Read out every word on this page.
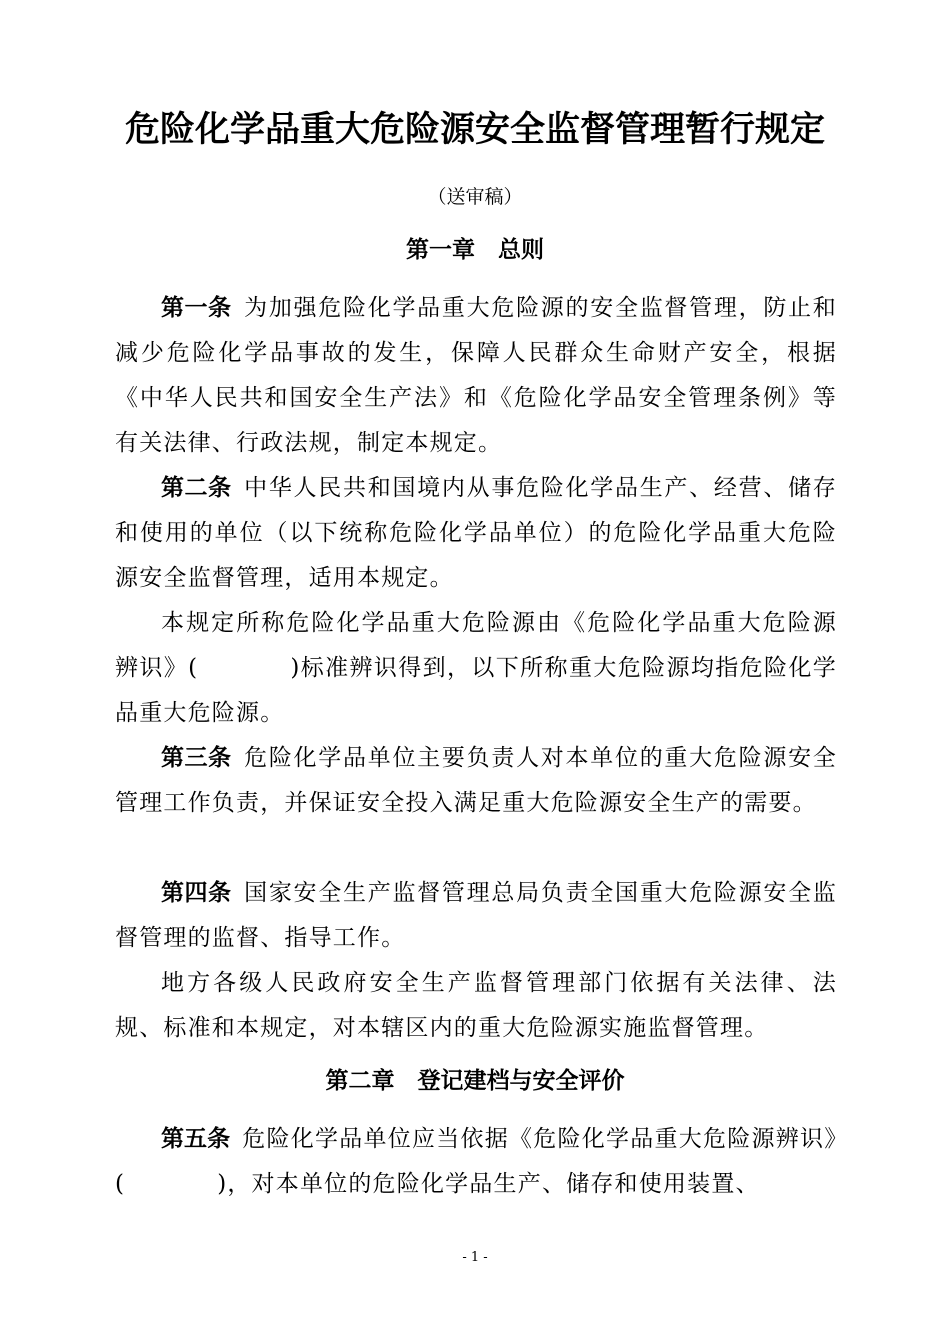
危险化学品重大危险源安全监督管理暂行规定
（送审稿）
第一章　总则
第一条 为加强危险化学品重大危险源的安全监督管理，防止和减少危险化学品事故的发生，保障人民群众生命财产安全，根据《中华人民共和国安全生产法》和《危险化学品安全管理条例》等有关法律、行政法规，制定本规定。
第二条 中华人民共和国境内从事危险化学品生产、经营、储存和使用的单位（以下统称危险化学品单位）的危险化学品重大危险源安全监督管理，适用本规定。
本规定所称危险化学品重大危险源由《危险化学品重大危险源辨识》(	)标准辨识得到，以下所称重大危险源均指危险化学品重大危险源。
第三条 危险化学品单位主要负责人对本单位的重大危险源安全管理工作负责，并保证安全投入满足重大危险源安全生产的需要。
第四条 国家安全生产监督管理总局负责全国重大危险源安全监督管理的监督、指导工作。
地方各级人民政府安全生产监督管理部门依据有关法律、法规、标准和本规定，对本辖区内的重大危险源实施监督管理。
第二章　登记建档与安全评价
第五条 危险化学品单位应当依据《危险化学品重大危险源辨识》(	)，对本单位的危险化学品生产、储存和使用装置、
- 1 -
